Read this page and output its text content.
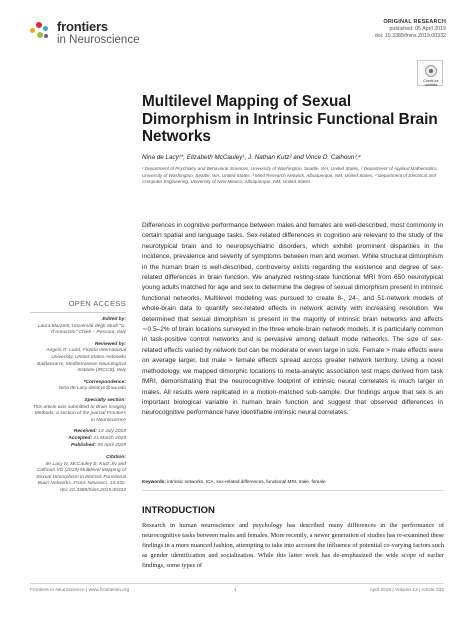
frontiers
in Neuroscience
ORIGINAL RESEARCH
published: 05 April 2019
doi: 10.3389/fnins.2019.00332
Check for
updates
Multilevel Mapping of Sexual Dimorphism in Intrinsic Functional Brain Networks
Nina de Lacy¹*, Elizabeth McCauley¹, J. Nathan Kutz² and Vince D. Calhoun³,⁴
¹ Department of Psychiatry and Behavioral Sciences, University of Washington, Seattle, WA, United States, ² Department of Applied Mathematics, University of Washington, Seattle, WA, United States, ³ Mind Research Network, Albuquerque, NM, United States, ⁴ Department of Electrical and Computer Engineering, University of New Mexico, Albuquerque, NM, United States
Differences in cognitive performance between males and females are well-described, most commonly in certain spatial and language tasks. Sex-related differences in cognition are relevant to the study of the neurotypical brain and to neuropsychiatric disorders, which exhibit prominent disparities in the incidence, prevalence and severity of symptoms between men and women. While structural dimorphism in the human brain is well-described, controversy exists regarding the existence and degree of sex-related differences in brain function. We analyzed resting-state functional MRI from 650 neurotypical young adults matched for age and sex to determine the degree of sexual dimorphism present in intrinsic functional networks. Multilevel modeling was pursued to create 8-, 24-, and 51-network models of whole-brain data to quantify sex-related effects in network activity with increasing resolution. We determined that sexual dimorphism is present in the majority of intrinsic brain networks and affects ∼0.5–2% of brain locations surveyed in the three whole-brain network models. It is particularly common in task-positive control networks and is pervasive among default mode networks. The size of sex-related effects varied by network but can be moderate or even large in size. Female > male effects were on average larger, but male > female effects spread across greater network territory. Using a novel methodology, we mapped dimorphic locations to meta-analytic association test maps derived from task fMRI, demonstrating that the neurocognitive footprint of intrinsic neural correlates is much larger in males. All results were replicated in a motion-matched sub-sample. Our findings argue that sex is an important biological variable in human brain function and suggest that observed differences in neurocognitive performance have identifiable intrinsic neural correlates.
Keywords: intrinsic networks, ICA, sex-related differences, functional MRI, male, female
INTRODUCTION
Research in human neuroscience and psychology has described many differences in the performance of neurocognitive tasks between males and females. More recently, a newer generation of studies has re-examined these findings in a more nuanced fashion, attempting to take into account the influence of potential co-varying factors such as gender identification and socialization. While this latter work has de-emphasized the wide scope of earlier findings, some types of
OPEN ACCESS
Edited by:
Laura Marzetti, Università degli Studi "G. d'Annunzio" Chieti – Pescara, Italy
Reviewed by:
Angela R. Laird, Florida International University, United States Antonello Baldassarre, Mediterranean Neurological Institute (IRCCS), Italy
*Correspondence:
Nina de Lacy delacyn@uw.edu
Specialty section:
This article was submitted to Brain Imaging Methods, a section of the journal Frontiers in Neuroscience
Received: 14 July 2018
Accepted: 21 March 2019
Published: 05 April 2019
Citation:
de Lacy N, McCauley E, Kutz JN and Calhoun VD (2019) Multilevel Mapping of Sexual Dimorphism in Intrinsic Functional Brain Networks. Front. Neurosci. 13:332. doi: 10.3389/fnins.2019.00332
Frontiers in Neuroscience | www.frontiersin.org	1	April 2019 | Volume 13 | Article 332
